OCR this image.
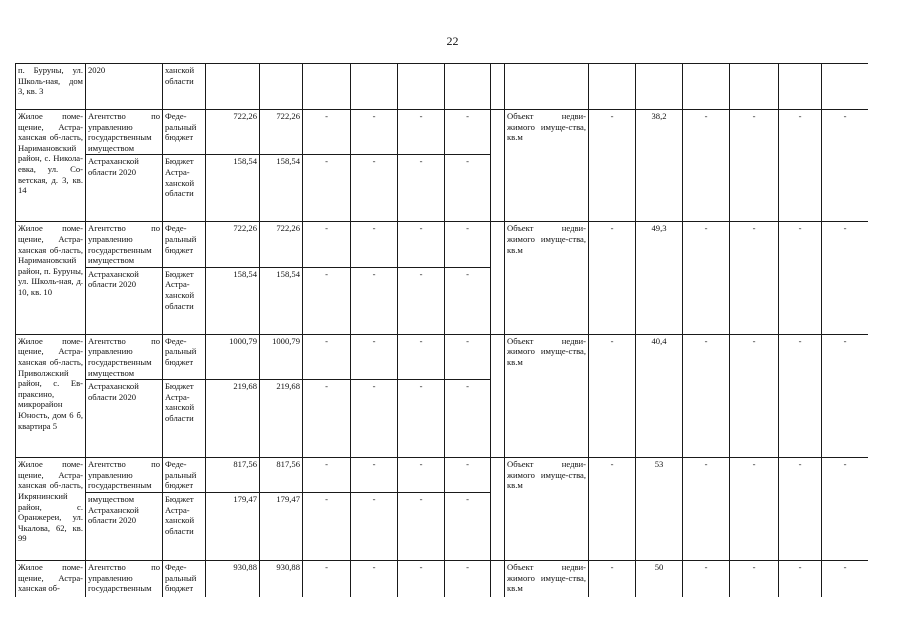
22
п. Буруны, ул. Школь-ная, дом 3, кв. 3	2020	ханской области														
Жилое поме-щение, Астра-ханская об-ласть, Наримановский район, с. Никола-евка, ул. Со-ветская, д. 3, кв. 14	Агентство по управлению государственным имуществом	Феде-ральный бюджет	722,26	722,26	-	-	-	-		Объект недви-жимого имуще-ства, кв.м	-	38,2	-	-	-	-
	Астраханской области 2020	Бюджет Астра-ханской области	158,54	158,54	-	-	-	-								
Жилое поме-щение, Астра-ханская об-ласть, Наримановский район, п. Буруны, ул. Школь-ная, д. 10, кв. 10	Агентство по управлению государственным имуществом	Феде-ральный бюджет	722,26	722,26	-	-	-	-		Объект недви-жимого имуще-ства, кв.м	-	49,3	-	-	-	-
	Астраханской области 2020	Бюджет Астра-ханской области	158,54	158,54	-	-	-	-								
Жилое поме-щение, Астра-ханская об-ласть, Приволжский район, с. Ев-праксино, микрорайон Юность, дом 6 б, квартира 5	Агентство по управлению государственным имуществом	Феде-ральный бюджет	1000,79	1000,79	-	-	-	-		Объект недви-жимого имуще-ства, кв.м	-	40,4	-	-	-	-
	Астраханской области 2020	Бюджет Астра-ханской области	219,68	219,68	-	-	-	-								
Жилое поме-щение, Астра-ханская об-ласть, Икрянинский район, с. Оранжереи, ул. Чкалова, 62, кв. 99	Агентство по управлению государственным	Феде-ральный бюджет	817,56	817,56	-	-	-	-		Объект недви-жимого имуще-ства, кв.м	-	53	-	-	-	-
	имуществом Астраханской области 2020	Бюджет Астра-ханской области	179,47	179,47	-	-	-	-								
Жилое поме-щение, Астра-ханская об-	Агентство по управлению государственным	Феде-ральный бюджет	930,88	930,88	-	-	-	-		Объект недви-жимого имуще-ства, кв.м	-	50	-	-	-	-
